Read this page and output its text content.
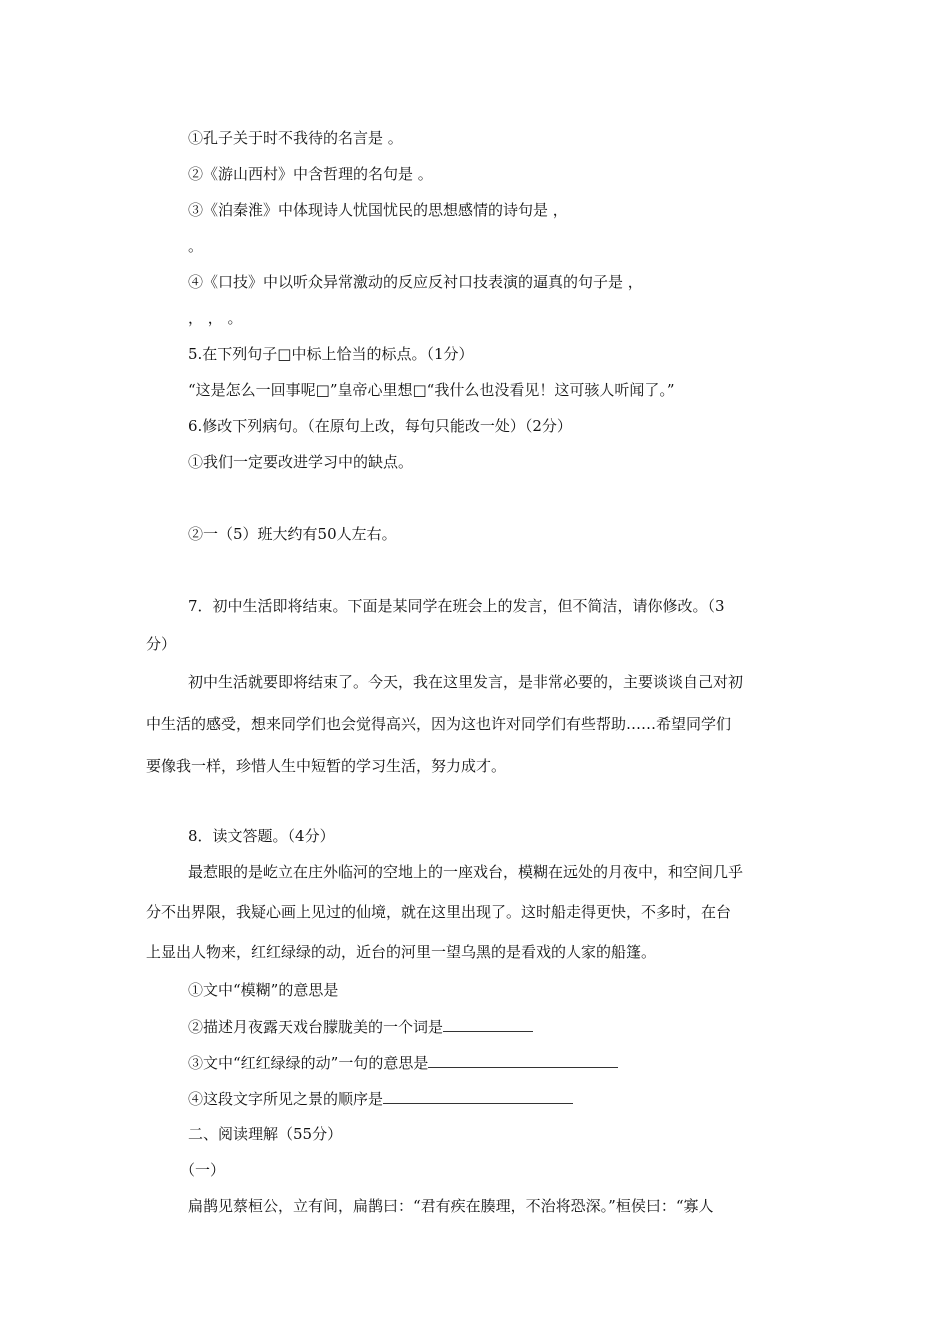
①孔子关于时不我待的名言是 。
②《游山西村》中含哲理的名句是 。
③《泊秦淮》中体现诗人忧国忧民的思想感情的诗句是 ，
。
④《口技》中以听众异常激动的反应反衬口技表演的逼真的句子是 ，
， ， 。
5.在下列句子□中标上恰当的标点。（1分）
“这是怎么一回事呢□”皇帝心里想□“我什么也没看见！这可骇人听闻了。”
6.修改下列病句。（在原句上改，每句只能改一处）（2分）
①我们一定要改进学习中的缺点。
②一（5）班大约有50人左右。
7．初中生活即将结束。下面是某同学在班会上的发言，但不简洁，请你修改。（3
分）
初中生活就要即将结束了。今天，我在这里发言，是非常必要的，主要谈谈自己对初
中生活的感受，想来同学们也会觉得高兴，因为这也许对同学们有些帮助……希望同学们
要像我一样，珍惜人生中短暂的学习生活，努力成才。
8．读文答题。（4分）
最惹眼的是屹立在庄外临河的空地上的一座戏台，模糊在远处的月夜中，和空间几乎
分不出界限，我疑心画上见过的仙境，就在这里出现了。这时船走得更快，不多时，在台
上显出人物来，红红绿绿的动，近台的河里一望乌黑的是看戏的人家的船篷。
①文中“模糊”的意思是
②描述月夜露天戏台朦胧美的一个词是
③文中“红红绿绿的动”一句的意思是
④这段文字所见之景的顺序是
二、阅读理解（55分）
（一）
扁鹊见蔡桓公，立有间，扁鹊曰：“君有疾在腠理，不治将恐深。”桓侯曰：“寡人
